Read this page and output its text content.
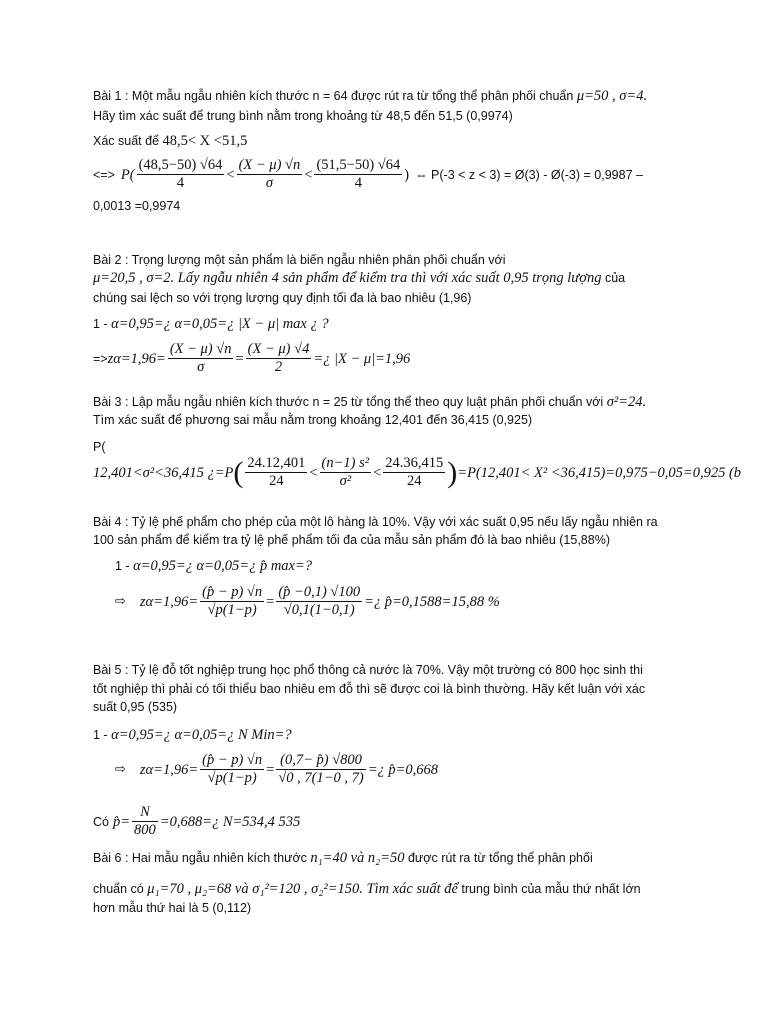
Bài 1 : Một mẫu ngẫu nhiên kích thước n = 64 được rút ra từ tổng thể phân phối chuẩn μ=50 , σ=4.
Hãy tìm xác suất để trung bình nằm trong khoảng từ 48,5 đến 51,5 (0,9974)
Xác suất để 48,5< X <51,5
<=> $P( \frac{(48,5-50) √64}{4} < \frac{(X - \mu) √n}{\sigma} < \frac{(51,5-50) √64}{4}$ ) ⇔ P(-3 < z < 3) = Ø(3) - Ø(-3) = 0,9987 –
0,0013 =0,9974
Bài 2 : Trọng lượng một sản phẩm là biến ngẫu nhiên phân phối chuẩn với
μ=20,5 , σ=2. Lấy ngẫu nhiên 4 sản phẩm để kiểm tra thì với xác suất 0,95 trọng lượng của
chúng sai lệch so với trọng lượng quy định tối đa là bao nhiêu (1,96)
1 - α=0,95=¿ α=0,05=¿ |X − μ| max ¿ ?
=> $z\alpha=1,96= \frac{(X - \mu) √n}{\sigma} = \frac{(X - \mu) √4}{2}$ =¿ |X − μ|=1,96
Bài 3 : Lập mẫu ngẫu nhiên kích thước n = 25 từ tổng thể theo quy luật phân phối chuẩn với σ²=24.
Tìm xác suất để phương sai mẫu nằm trong khoảng 12,401 đến 36,415 (0,925)
P(
12,401<σ²<36,415 ¿=P ( $\frac{24.12,401}{24} < \frac{\text{(n−1) s²}}{\text{σ²}} < \frac{24.36,415}{24}$ ) =P(12,401< X² <36,415)=0,975−0,05=0,925 (b
Bài 4 : Tỷ lệ phế phẩm cho phép của một lô hàng là 10%. Vậy với xác suất 0,95 nếu lấy ngẫu nhiên ra
100 sản phẩm để kiểm tra tỷ lệ phế phẩm tối đa của mẫu sản phẩm đó là bao nhiêu (15,88%)
1 - α=0,95=¿ α=0,05=¿ p̂ max=?
⇨ $z\alpha=1,96= \frac{(p̂ - p) √n}{√p(1-p)} = \frac{(p̂ -0,1) √100}{√0,1(1-0,1)}$ =¿ p̂=0,1588=15,88 %
Bài 5 : Tỷ lệ đỗ tốt nghiệp trung học phổ thông cả nước là 70%. Vậy một trường có 800 học sinh thi
tốt nghiệp thì phải có tối thiểu bao nhiêu em đỗ thì sẽ được coi là bình thường. Hãy kết luận với xác
suất 0,95 (535)
1 - α=0,95=¿ α=0,05=¿ N Min=?
⇨ $z\alpha=1,96= \frac{(p̂ - p) √n}{√p(1-p)} = \frac{(0,7- p̂) √800}{√0 , 7(1-0 , 7)}$ =¿ p̂=0,668
Có p̂= $\frac{N}{800}$ =0,688=¿ N=534,4 535
Bài 6 : Hai mẫu ngẫu nhiên kích thước n₁=40 và n₂=50 được rút ra từ tổng thể phân phối
chuẩn có μ₁=70 , μ₂=68 và σ₁²=120 , σ₂²=150. Tìm xác suất để trung bình của mẫu thứ nhất lớn
hơn mẫu thứ hai là 5 (0,112)
